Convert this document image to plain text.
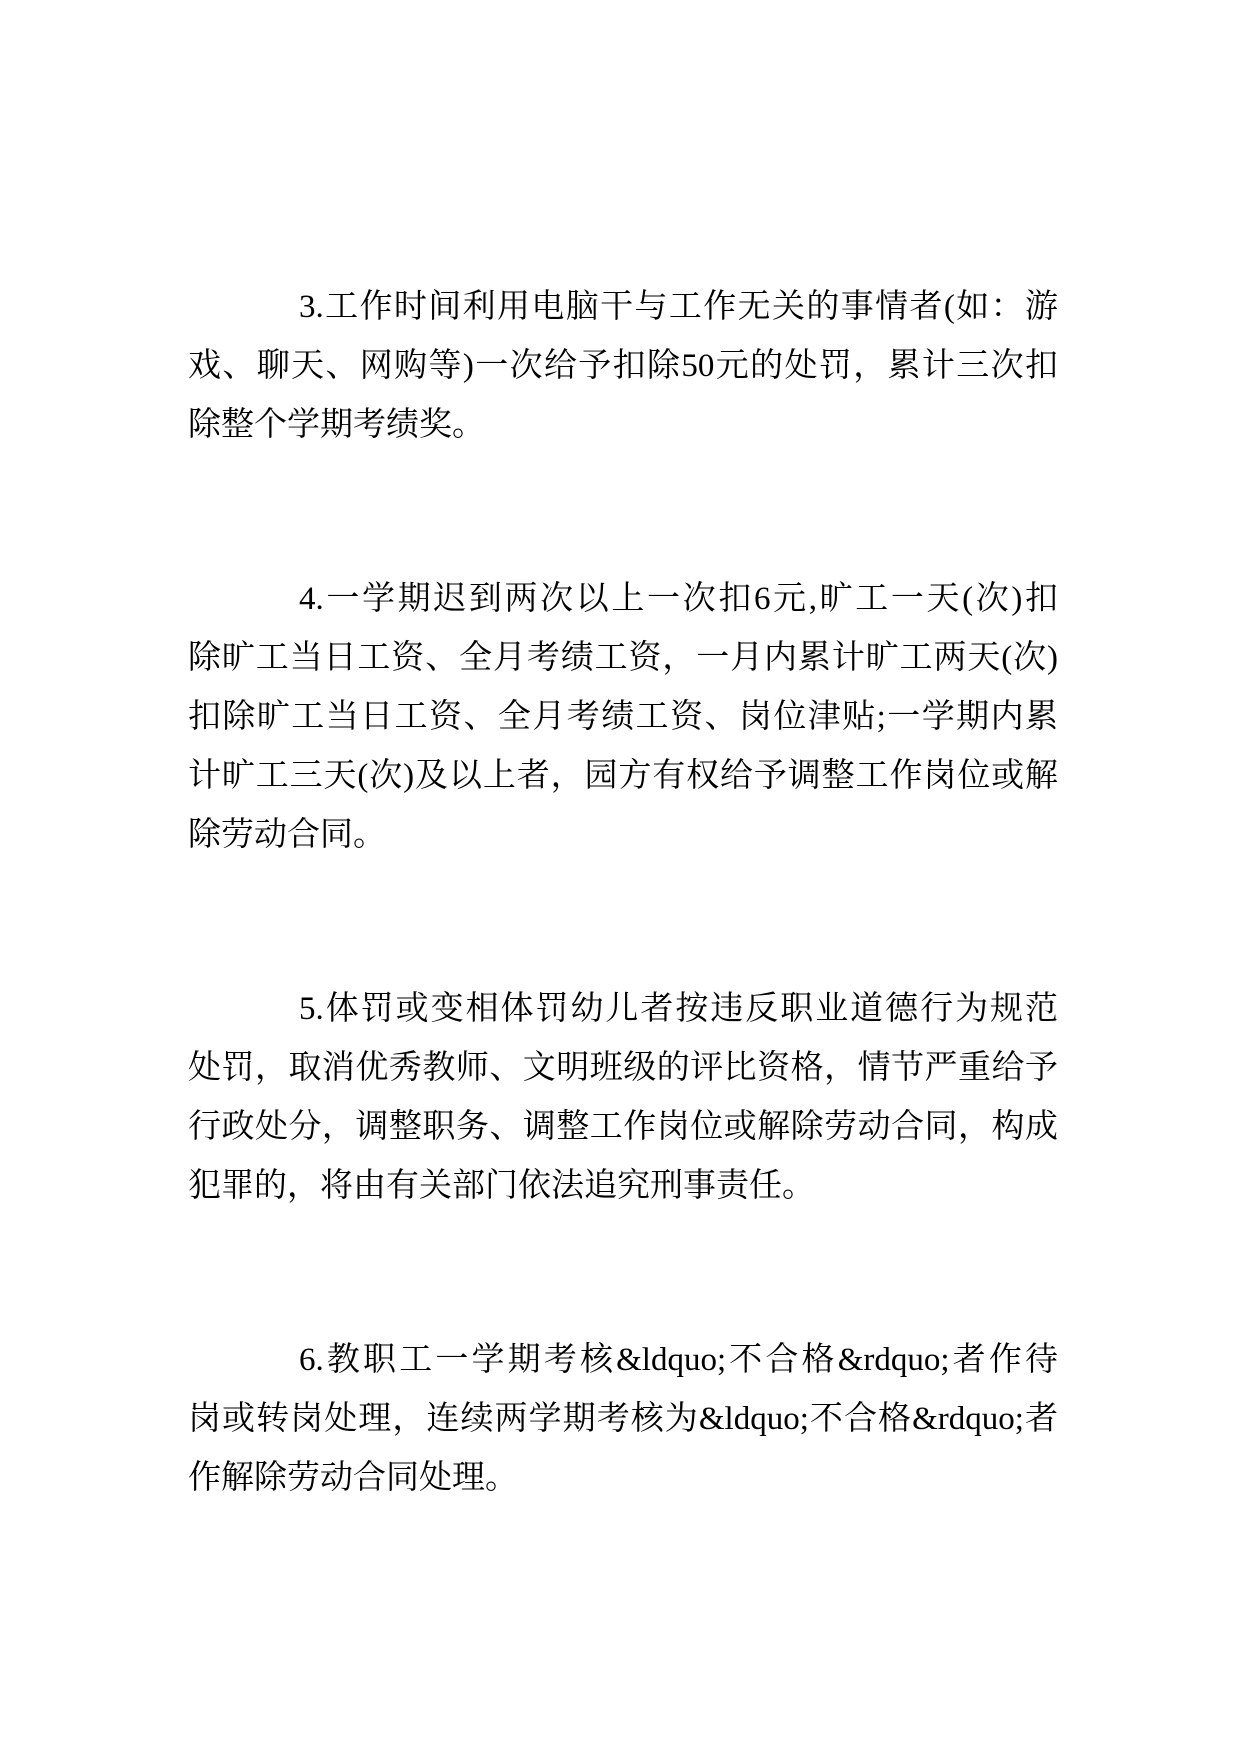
3.工作时间利用电脑干与工作无关的事情者(如：游
戏、聊天、网购等)一次给予扣除50元的处罚，累计三次扣
除整个学期考绩奖。
4.一学期迟到两次以上一次扣6元,旷工一天(次)扣
除旷工当日工资、全月考绩工资，一月内累计旷工两天(次)
扣除旷工当日工资、全月考绩工资、岗位津贴;一学期内累
计旷工三天(次)及以上者，园方有权给予调整工作岗位或解
除劳动合同。
5.体罚或变相体罚幼儿者按违反职业道德行为规范
处罚，取消优秀教师、文明班级的评比资格，情节严重给予
行政处分，调整职务、调整工作岗位或解除劳动合同，构成
犯罪的，将由有关部门依法追究刑事责任。
6.教职工一学期考核&ldquo;不合格&rdquo;者作待
岗或转岗处理，连续两学期考核为&ldquo;不合格&rdquo;者
作解除劳动合同处理。
